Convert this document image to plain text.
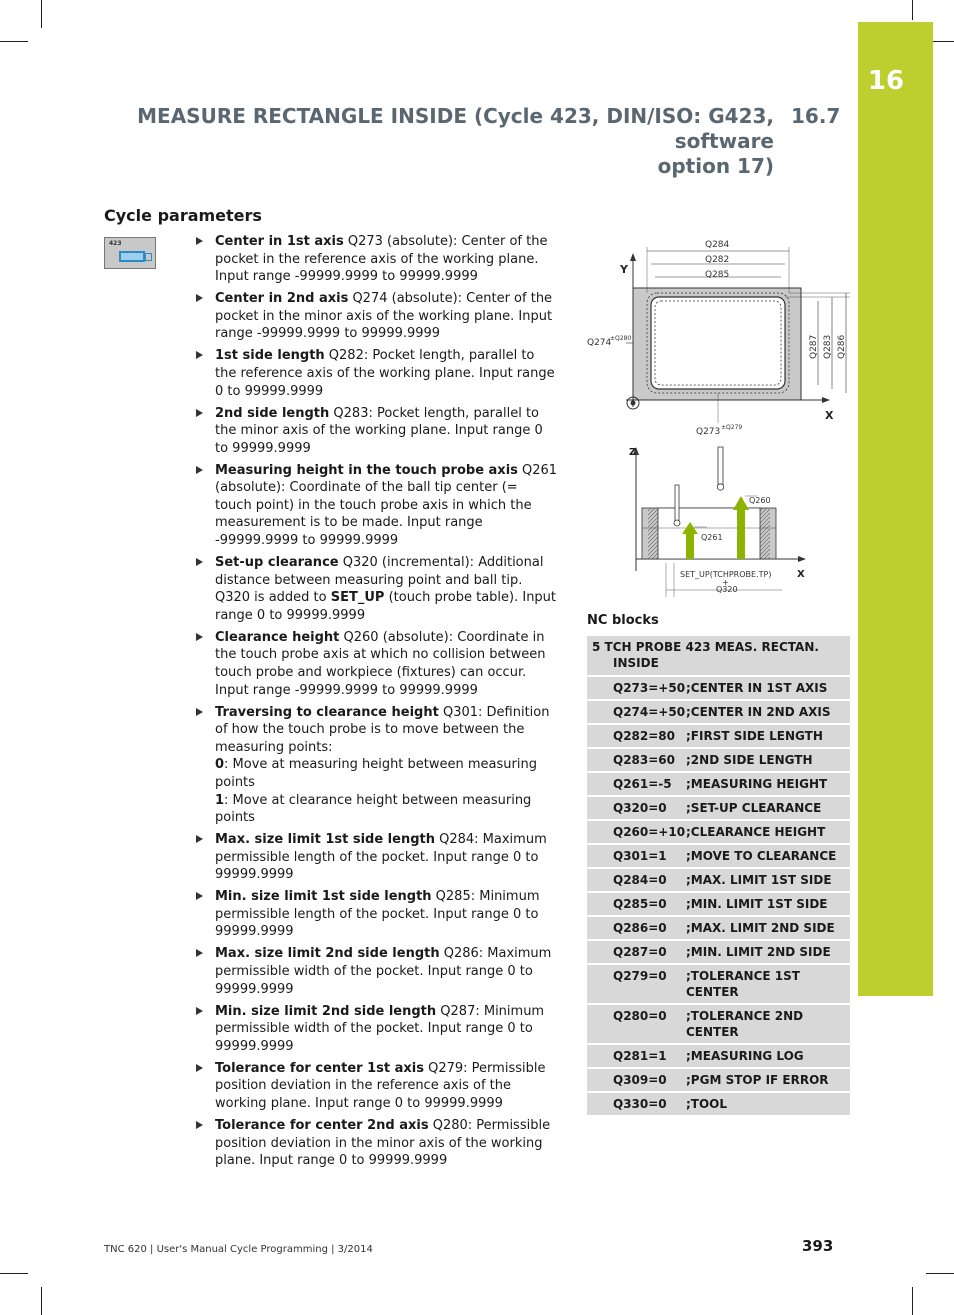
16
MEASURE RECTANGLE INSIDE (Cycle 423, DIN/ISO: G423, software
option 17)
16.7
Cycle parameters
423	Center in 1st axis Q273 (absolute): Center of the pocket in the reference axis of the working plane. Input range -99999.9999 to 99999.9999
Center in 2nd axis Q274 (absolute): Center of the pocket in the minor axis of the working plane. Input range -99999.9999 to 99999.9999
1st side length Q282: Pocket length, parallel to the reference axis of the working plane. Input range 0 to 99999.9999
2nd side length Q283: Pocket length, parallel to the minor axis of the working plane. Input range 0 to 99999.9999
Measuring height in the touch probe axis Q261 (absolute): Coordinate of the ball tip center (= touch point) in the touch probe axis in which the measurement is to be made. Input range -99999.9999 to 99999.9999
Set-up clearance Q320 (incremental): Additional distance between measuring point and ball tip. Q320 is added to SET_UP (touch probe table). Input range 0 to 99999.9999
Clearance height Q260 (absolute): Coordinate in the touch probe axis at which no collision between touch probe and workpiece (fixtures) can occur. Input range -99999.9999 to 99999.9999
Traversing to clearance height Q301: Definition of how the touch probe is to move between the measuring points:
0: Move at measuring height between measuring points
1: Move at clearance height between measuring points
Max. size limit 1st side length Q284: Maximum permissible length of the pocket. Input range 0 to 99999.9999
Min. size limit 1st side length Q285: Minimum permissible length of the pocket. Input range 0 to 99999.9999
Max. size limit 2nd side length Q286: Maximum permissible width of the pocket. Input range 0 to 99999.9999
Min. size limit 2nd side length Q287: Minimum permissible width of the pocket. Input range 0 to 99999.9999
Tolerance for center 1st axis Q279: Permissible position deviation in the reference axis of the working plane. Input range 0 to 99999.9999
Tolerance for center 2nd axis Q280: Permissible position deviation in the minor axis of the working plane. Input range 0 to 99999.9999
Y
X
Q284
Q282
Q285
Q287 Q283 Q286
Q274
±Q280
Q273 ±Q279
Z
X
Q260
Q261
SET_UP(TCHPROBE.TP)
+
Q320
NC blocks
5 TCH PROBE 423 MEAS. RECTAN.
INSIDE	

Q273=+50	;CENTER IN 1ST AXIS
Q274=+50	;CENTER IN 2ND AXIS
Q282=80	;FIRST SIDE LENGTH
Q283=60	;2ND SIDE LENGTH
Q261=-5	;MEASURING HEIGHT
Q320=0	;SET-UP CLEARANCE
Q260=+10	;CLEARANCE HEIGHT
Q301=1	;MOVE TO CLEARANCE
Q284=0	;MAX. LIMIT 1ST SIDE
Q285=0	;MIN. LIMIT 1ST SIDE
Q286=0	;MAX. LIMIT 2ND SIDE
Q287=0	;MIN. LIMIT 2ND SIDE
Q279=0	;TOLERANCE 1ST CENTER
Q280=0	;TOLERANCE 2ND CENTER
Q281=1	;MEASURING LOG
Q309=0	;PGM STOP IF ERROR
Q330=0	;TOOL
TNC 620 | User's Manual Cycle Programming | 3/2014	393
